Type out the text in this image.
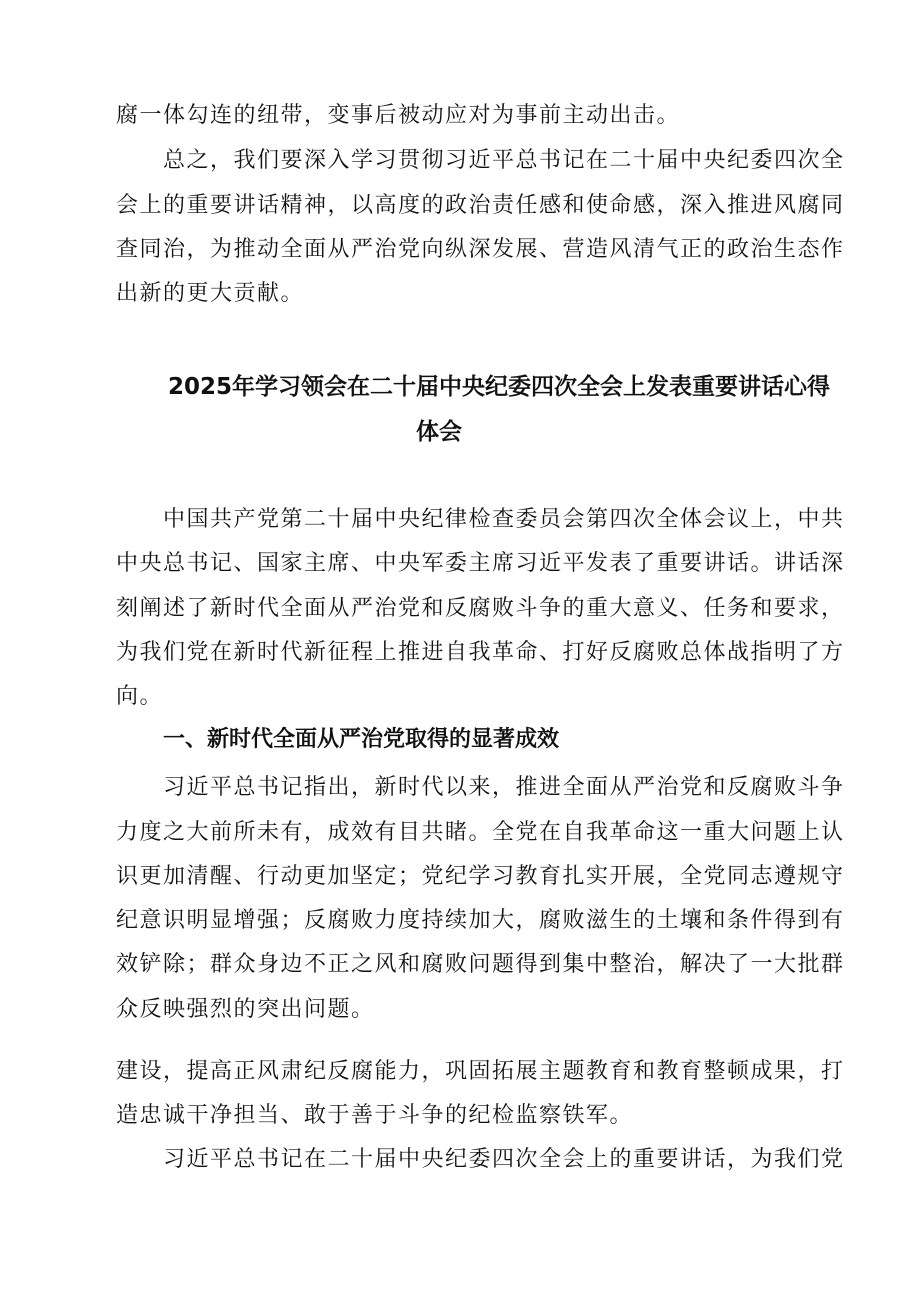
腐一体勾连的纽带，变事后被动应对为事前主动出击。
总之，我们要深入学习贯彻习近平总书记在二十届中央纪委四次全
会上的重要讲话精神，以高度的政治责任感和使命感，深入推进风腐同
查同治，为推动全面从严治党向纵深发展、营造风清气正的政治生态作
出新的更大贡献。
2025年学习领会在二十届中央纪委四次全会上发表重要讲话心得
体会
中国共产党第二十届中央纪律检查委员会第四次全体会议上，中共
中央总书记、国家主席、中央军委主席习近平发表了重要讲话。讲话深
刻阐述了新时代全面从严治党和反腐败斗争的重大意义、任务和要求，
为我们党在新时代新征程上推进自我革命、打好反腐败总体战指明了方
向。
一、新时代全面从严治党取得的显著成效
习近平总书记指出，新时代以来，推进全面从严治党和反腐败斗争
力度之大前所未有，成效有目共睹。全党在自我革命这一重大问题上认
识更加清醒、行动更加坚定；党纪学习教育扎实开展，全党同志遵规守
纪意识明显增强；反腐败力度持续加大，腐败滋生的土壤和条件得到有
效铲除；群众身边不正之风和腐败问题得到集中整治，解决了一大批群
众反映强烈的突出问题。
建设，提高正风肃纪反腐能力，巩固拓展主题教育和教育整顿成果，打
造忠诚干净担当、敢于善于斗争的纪检监察铁军。
习近平总书记在二十届中央纪委四次全会上的重要讲话，为我们党
